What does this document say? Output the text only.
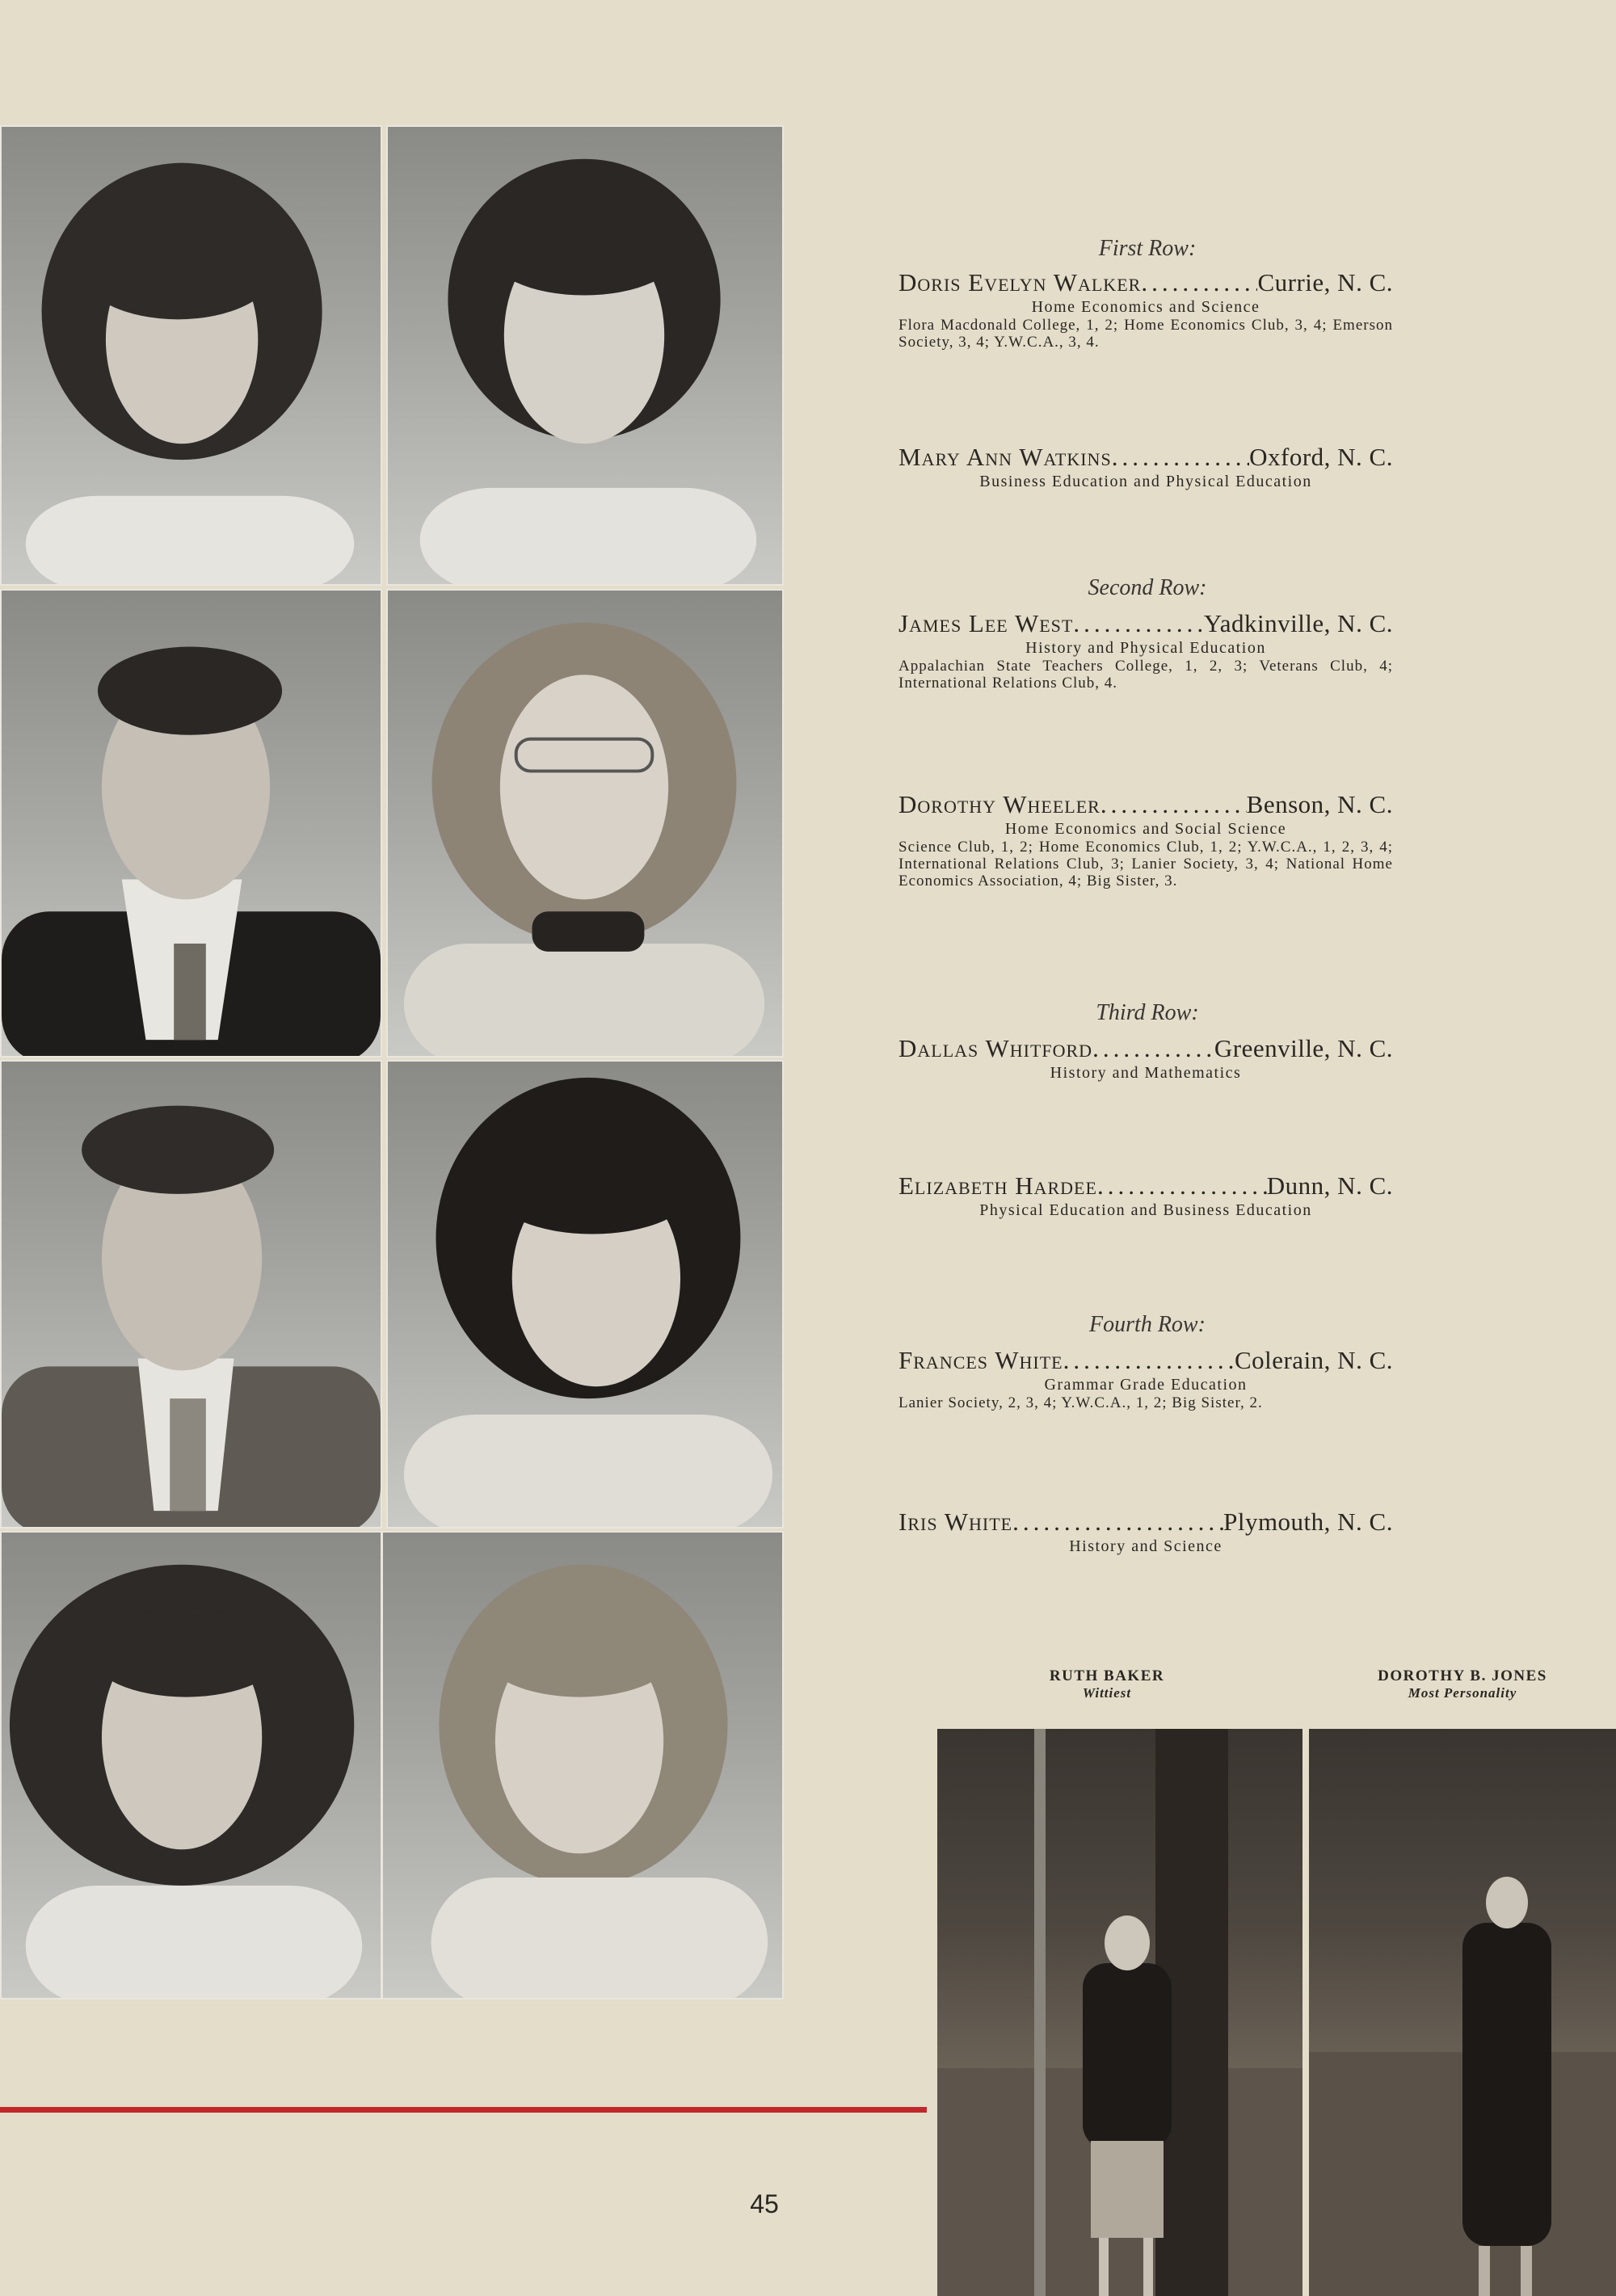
First Row:
Doris Evelyn Walker .....	Currie, N. C.
Home Economics and Science
Flora Macdonald College, 1, 2; Home Economics Club, 3, 4; Emerson Society, 3, 4; Y.W.C.A., 3, 4.
Mary Ann Watkins .....	Oxford, N. C.
Business Education and Physical Education
Second Row:
James Lee West .....	Yadkinville, N. C.
History and Physical Education
Appalachian State Teachers College, 1, 2, 3; Veterans Club, 4; International Relations Club, 4.
Dorothy Wheeler .....	Benson, N. C.
Home Economics and Social Science
Science Club, 1, 2; Home Economics Club, 1, 2; Y.W.C.A., 1, 2, 3, 4; International Relations Club, 3; Lanier Society, 3, 4; National Home Economics Association, 4; Big Sister, 3.
Third Row:
Dallas Whitford .....	Greenville, N. C.
History and Mathematics
Elizabeth Hardee .....	Dunn, N. C.
Physical Education and Business Education
Fourth Row:
Frances White .....	Colerain, N. C.
Grammar Grade Education
Lanier Society, 2, 3, 4; Y.W.C.A., 1, 2; Big Sister, 2.
Iris White .....	Plymouth, N. C.
History and Science
RUTH BAKER
Wittiest
DOROTHY B. JONES
Most Personality
45
